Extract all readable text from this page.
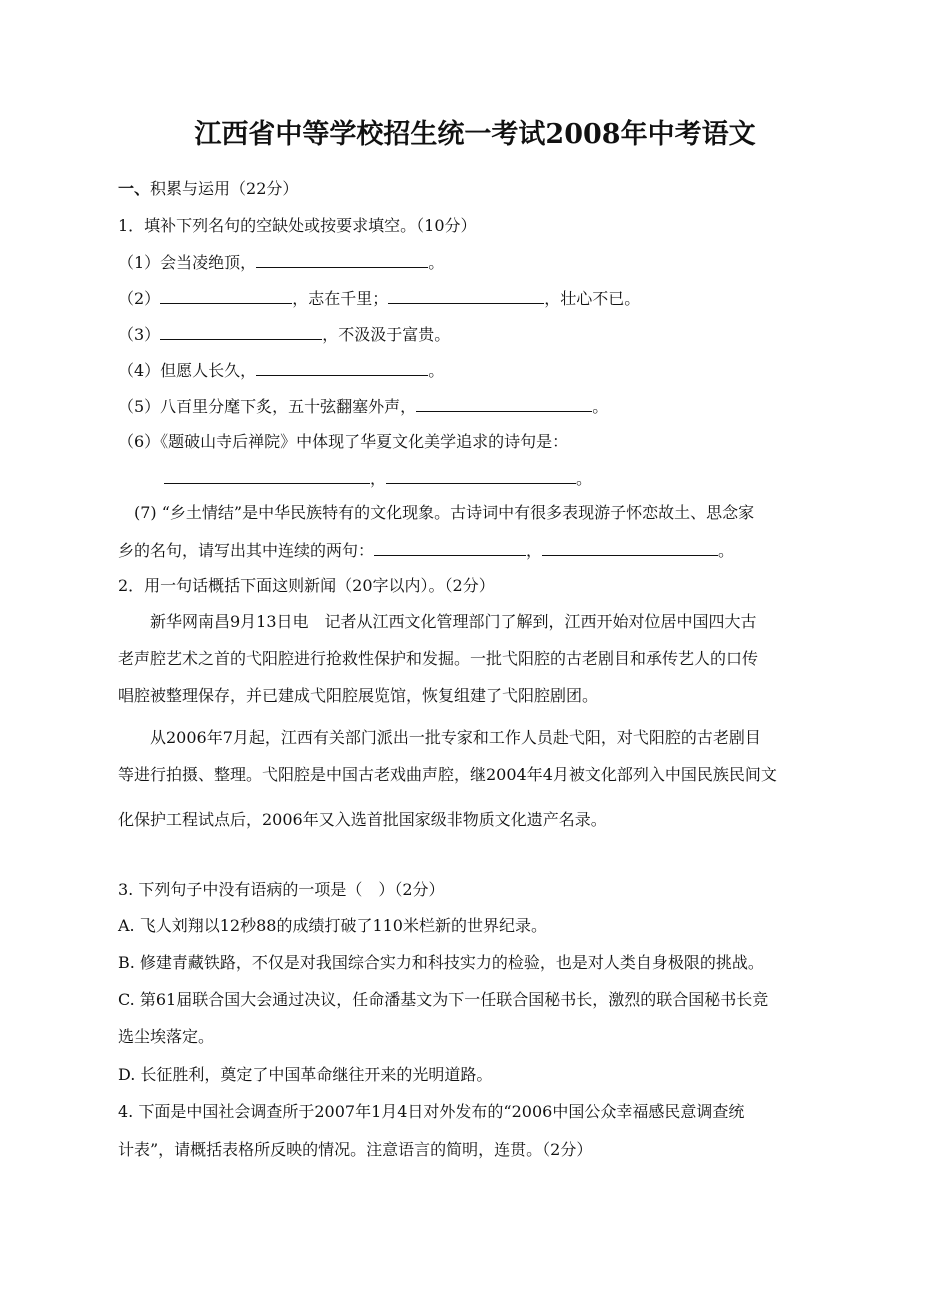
江西省中等学校招生统一考试2008年中考语文
一、积累与运用（22分）
1．填补下列名句的空缺处或按要求填空。（10分）
（1）会当凌绝顶，	。
（2）	，志在千里；	，壮心不已。
（3）	，不汲汲于富贵。
（4）但愿人长久，	。
（5）八百里分麾下炙，五十弦翻塞外声，	。
（6）《题破山寺后禅院》中体现了华夏文化美学追求的诗句是：
，	。
(7) “乡土情结”是中华民族特有的文化现象。古诗词中有很多表现游子怀恋故土、思念家
乡的名句，请写出其中连续的两句：	，	。
2．用一句话概括下面这则新闻（20字以内）。（2分）
新华网南昌9月13日电　记者从江西文化管理部门了解到，江西开始对位居中国四大古
老声腔艺术之首的弋阳腔进行抢救性保护和发掘。一批弋阳腔的古老剧目和承传艺人的口传
唱腔被整理保存，并已建成弋阳腔展览馆，恢复组建了弋阳腔剧团。
从2006年7月起，江西有关部门派出一批专家和工作人员赴弋阳，对弋阳腔的古老剧目
等进行拍摄、整理。弋阳腔是中国古老戏曲声腔，继2004年4月被文化部列入中国民族民间文
化保护工程试点后，2006年又入选首批国家级非物质文化遗产名录。
3. 下列句子中没有语病的一项是（　）（2分）
A. 飞人刘翔以12秒88的成绩打破了110米栏新的世界纪录。
B. 修建青藏铁路，不仅是对我国综合实力和科技实力的检验，也是对人类自身极限的挑战。
C. 第61届联合国大会通过决议，任命潘基文为下一任联合国秘书长，激烈的联合国秘书长竞
选尘埃落定。
D. 长征胜利，奠定了中国革命继往开来的光明道路。
4. 下面是中国社会调查所于2007年1月4日对外发布的“2006中国公众幸福感民意调查统
计表”，请概括表格所反映的情况。注意语言的简明，连贯。（2分）
